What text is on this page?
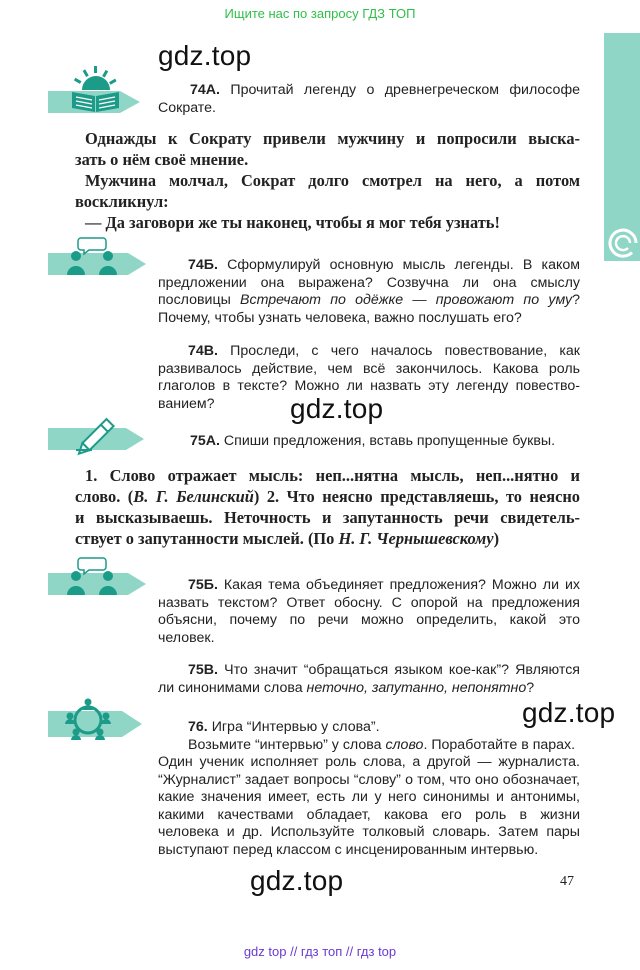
Ищите нас по запросу ГДЗ ТОП
gdz.top
gdz.top
gdz.top
gdz.top
74А. Прочитай легенду о древнегреческом философе
Сократе.
Однажды к Сократу привели мужчину и попросили выска-
зать о нём своё мнение.
Мужчина молчал, Сократ долго смотрел на него, а потом
воскликнул:
— Да заговори же ты наконец, чтобы я мог тебя узнать!
74Б. Сформулируй основную мысль легенды. В каком
предложении она выражена? Созвучна ли она смыслу
пословицы Встречают по одёжке — провожают по уму?
Почему, чтобы узнать человека, важно послушать его?
74В. Проследи, с чего началось повествование, как
развивалось действие, чем всё закончилось. Какова роль
глаголов в тексте? Можно ли назвать эту легенду повество-
ванием?
75А. Спиши предложения, вставь пропущенные буквы.
1. Слово отражает мысль: неп...нятна мысль, неп...нятно и
слово. (В. Г. Белинский) 2. Что неясно представляешь, то неясно
и высказываешь. Неточность и запутанность речи свидетель-
ствует о запутанности мыслей. (По Н. Г. Чернышевскому)
75Б. Какая тема объединяет предложения? Можно ли их
назвать текстом? Ответ обосну. С опорой на предложения
объясни, почему по речи можно определить, какой это
человек.
75В. Что значит “обращаться языком кое-как”? Являются
ли синонимами слова неточно, запутанно, непонятно?
76. Игра “Интервью у слова”.
Возьмите “интервью” у слова слово. Поработайте в парах.
Один ученик исполняет роль слова, а другой — журналиста.
“Журналист” задает вопросы “слову” о том, что оно обозначает,
какие значения имеет, есть ли у него синонимы и антонимы,
какими качествами обладает, какова его роль в жизни
человека и др. Используйте толковый словарь. Затем пары
выступают перед классом с инсценированным интервью.
47
gdz top // гдз топ // гдз top
